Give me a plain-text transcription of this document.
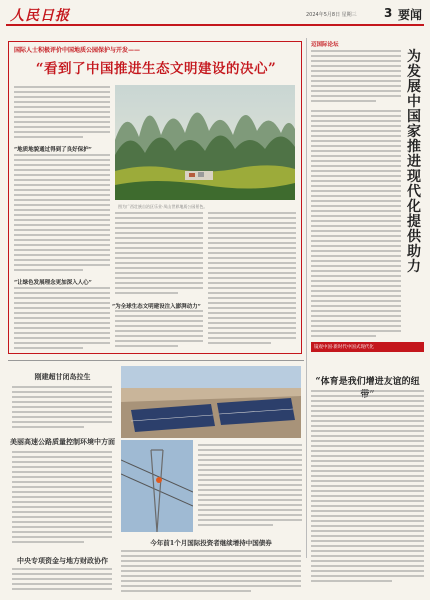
人民日报	2024年5月8日 星期三 3 要闻
国际人士积极评价中国地质公园保护与开发——
“看到了中国推进生态文明建设的决心”
图为广西壮族自治区乐业-凤山世界地质公园景色。
“地质地貌通过得到了良好保护”
“让绿色发展理念更加深入人心”
“为全球生态文明建设注入澎湃动力”
迈国际论坛
为发展中国家推进现代化提供助力
镜观中国·新时代中国式现代化
“体育是我们增进友谊的纽
刚建超甘闭岛拉生
美丽高速公路质量控制环境中方面
中央专项资金与地方财政协作
今年前1个月国际投资者继续增持中国债券
